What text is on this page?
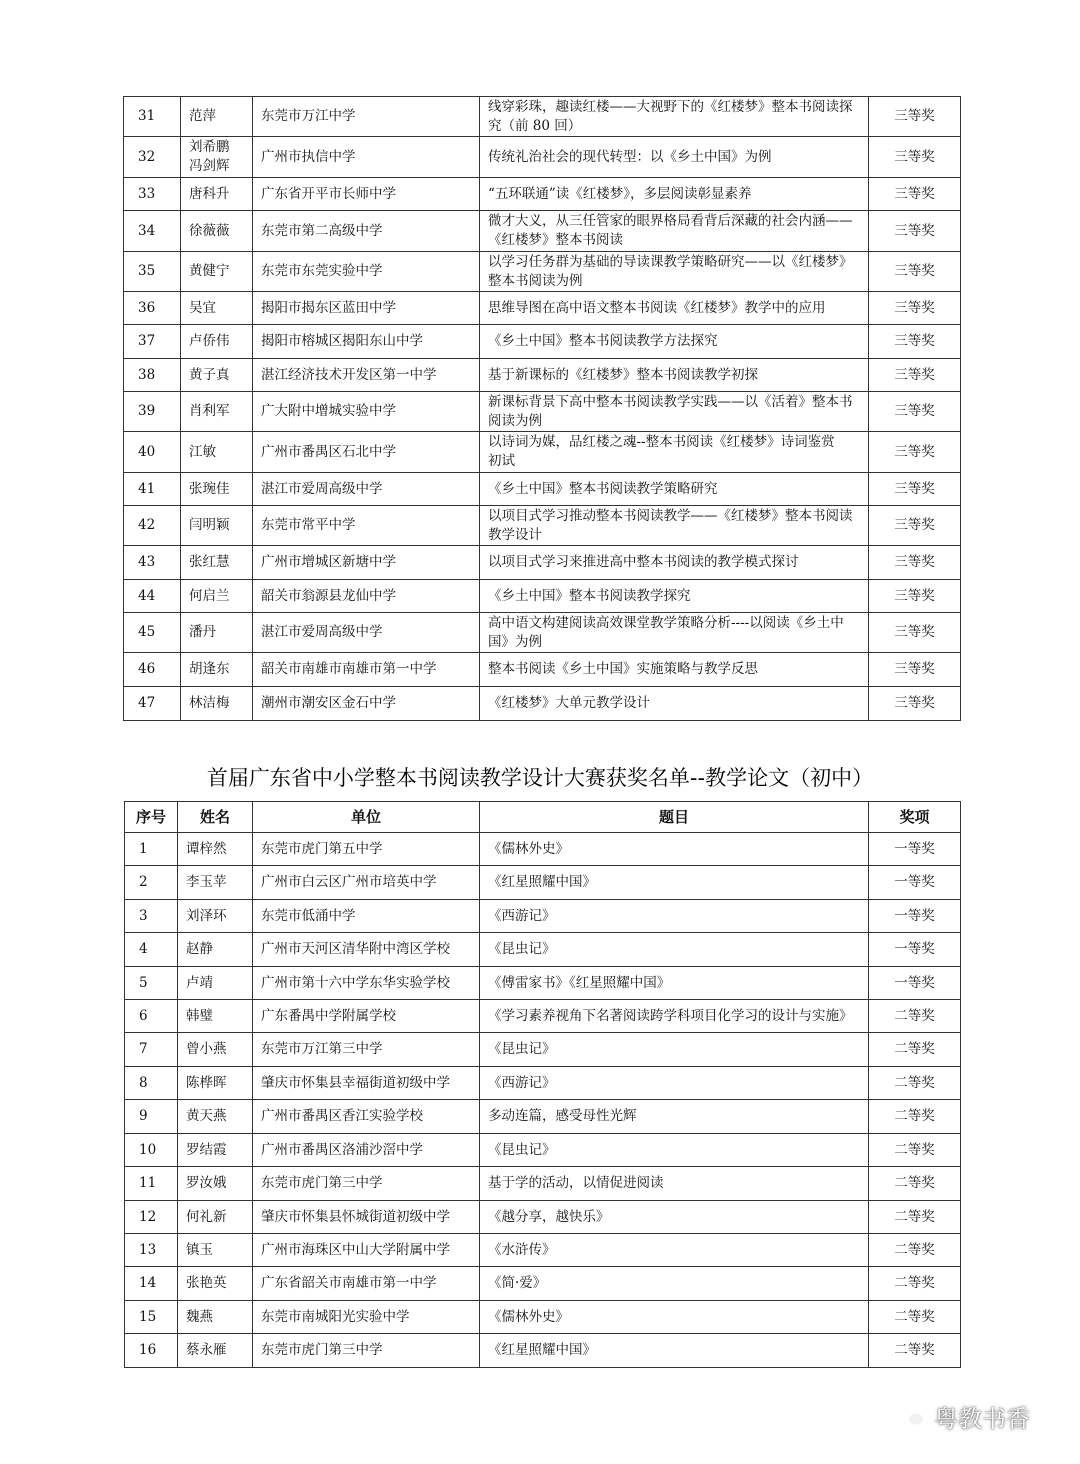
31	范萍	东莞市万江中学	线穿彩珠，趣读红楼——大视野下的《红楼梦》整本书阅读探
究（前 80 回）	三等奖
32	刘希鹏
冯剑辉	广州市执信中学	传统礼治社会的现代转型：以《乡土中国》为例	三等奖
33	唐科升	广东省开平市长师中学	“五环联通”读《红楼梦》，多层阅读彰显素养	三等奖
34	徐薇薇	东莞市第二高级中学	微才大义，从三任管家的眼界格局看背后深藏的社会内涵——
《红楼梦》整本书阅读	三等奖
35	黄健宁	东莞市东莞实验中学	以学习任务群为基础的导读课教学策略研究——以《红楼梦》
整本书阅读为例	三等奖
36	吴宜	揭阳市揭东区蓝田中学	思维导图在高中语文整本书阅读《红楼梦》教学中的应用	三等奖
37	卢侨伟	揭阳市榕城区揭阳东山中学	《乡土中国》整本书阅读教学方法探究	三等奖
38	黄子真	湛江经济技术开发区第一中学	基于新课标的《红楼梦》整本书阅读教学初探	三等奖
39	肖利军	广大附中增城实验中学	新课标背景下高中整本书阅读教学实践——以《活着》整本书
阅读为例	三等奖
40	江敏	广州市番禺区石北中学	以诗词为媒，品红楼之魂--整本书阅读《红楼梦》诗词鉴赏
初试	三等奖
41	张琬佳	湛江市爱周高级中学	《乡土中国》整本书阅读教学策略研究	三等奖
42	闫明颖	东莞市常平中学	以项目式学习推动整本书阅读教学——《红楼梦》整本书阅读
教学设计	三等奖
43	张红慧	广州市增城区新塘中学	以项目式学习来推进高中整本书阅读的教学模式探讨	三等奖
44	何启兰	韶关市翁源县龙仙中学	《乡土中国》整本书阅读教学探究	三等奖
45	潘丹	湛江市爱周高级中学	高中语文构建阅读高效课堂教学策略分析----以阅读《乡土中
国》为例	三等奖
46	胡逢东	韶关市南雄市南雄市第一中学	整本书阅读《乡土中国》实施策略与教学反思	三等奖
47	林洁梅	潮州市潮安区金石中学	《红楼梦》大单元教学设计	三等奖
首届广东省中小学整本书阅读教学设计大赛获奖名单--教学论文（初中）
序号	姓名	单位	题目	奖项
1	谭梓然	东莞市虎门第五中学	《儒林外史》	一等奖
2	李玉苹	广州市白云区广州市培英中学	《红星照耀中国》	一等奖
3	刘泽环	东莞市低涌中学	《西游记》	一等奖
4	赵静	广州市天河区清华附中湾区学校	《昆虫记》	一等奖
5	卢靖	广州市第十六中学东华实验学校	《傅雷家书》《红星照耀中国》	一等奖
6	韩璧	广东番禺中学附属学校	《学习素养视角下名著阅读跨学科项目化学习的设计与实施》	二等奖
7	曾小燕	东莞市万江第三中学	《昆虫记》	二等奖
8	陈桦晖	肇庆市怀集县幸福街道初级中学	《西游记》	二等奖
9	黄天燕	广州市番禺区香江实验学校	多动连篇，感受母性光辉	二等奖
10	罗结霞	广州市番禺区洛浦沙滘中学	《昆虫记》	二等奖
11	罗汝娥	东莞市虎门第三中学	基于学的活动，以情促进阅读	二等奖
12	何礼新	肇庆市怀集县怀城街道初级中学	《越分享，越快乐》	二等奖
13	镇玉	广州市海珠区中山大学附属中学	《水浒传》	二等奖
14	张艳英	广东省韶关市南雄市第一中学	《简·爱》	二等奖
15	魏燕	东莞市南城阳光实验中学	《儒林外史》	二等奖
16	蔡永雁	东莞市虎门第三中学	《红星照耀中国》	二等奖
粤教书香
